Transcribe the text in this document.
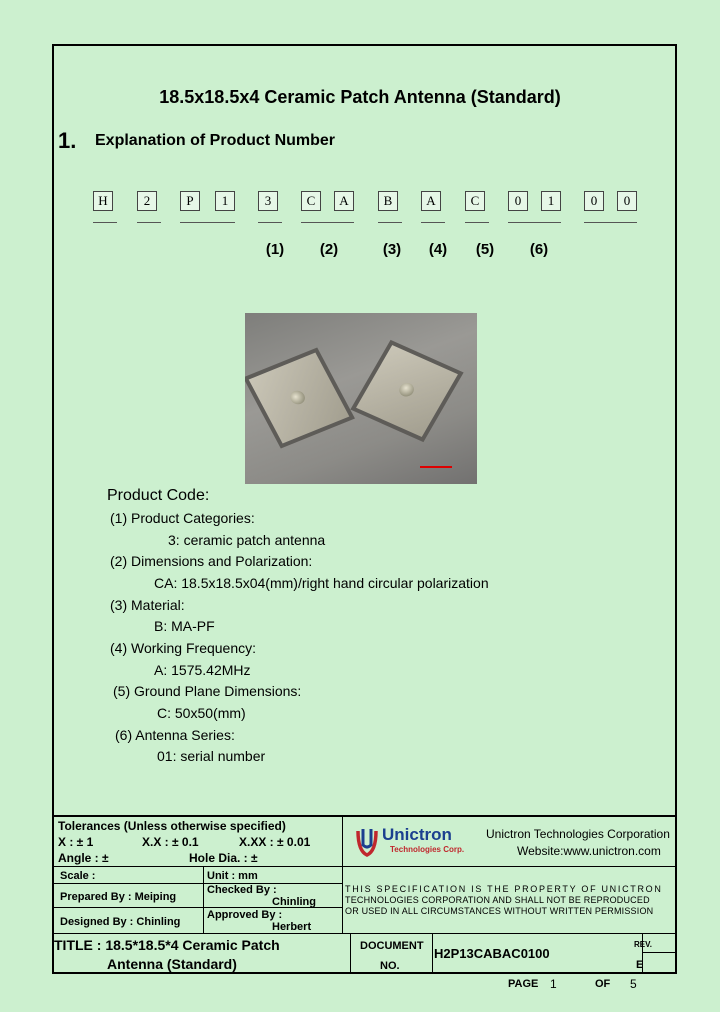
18.5x18.5x4 Ceramic Patch Antenna (Standard)
1. Explanation of Product Number
H	2	P	1	3	C	A	B	A	C	0	1	0	0
(1)	(2)	(3)	(4)	(5)	(6)
Product Code:
(1) Product Categories:
3: ceramic patch antenna
(2) Dimensions and Polarization:
CA: 18.5x18.5x04(mm)/right hand circular polarization
(3) Material:
B: MA-PF
(4) Working Frequency:
A: 1575.42MHz
(5) Ground Plane Dimensions:
C: 50x50(mm)
(6) Antenna Series:
01: serial number
Tolerances (Unless otherwise specified)
X : ± 1	X.X : ± 0.1	X.XX : ± 0.01
Angle : ±	Hole Dia. : ±
Unictron
Technologies Corp.
Unictron Technologies Corporation
Website:www.unictron.com
Scale :	Unit : mm
Prepared By : Meiping
Checked By :
Chinling
Designed By : Chinling
Approved By :
Herbert
THIS SPECIFICATION IS THE PROPERTY OF UNICTRON
TECHNOLOGIES CORPORATION AND SHALL NOT BE REPRODUCED
OR USED IN ALL CIRCUMSTANCES WITHOUT WRITTEN PERMISSION
TITLE : 18.5*18.5*4 Ceramic Patch
Antenna (Standard)
DOCUMENT
NO.
H2P13CABAC0100
REV.
E
PAGE 1	OF 5
